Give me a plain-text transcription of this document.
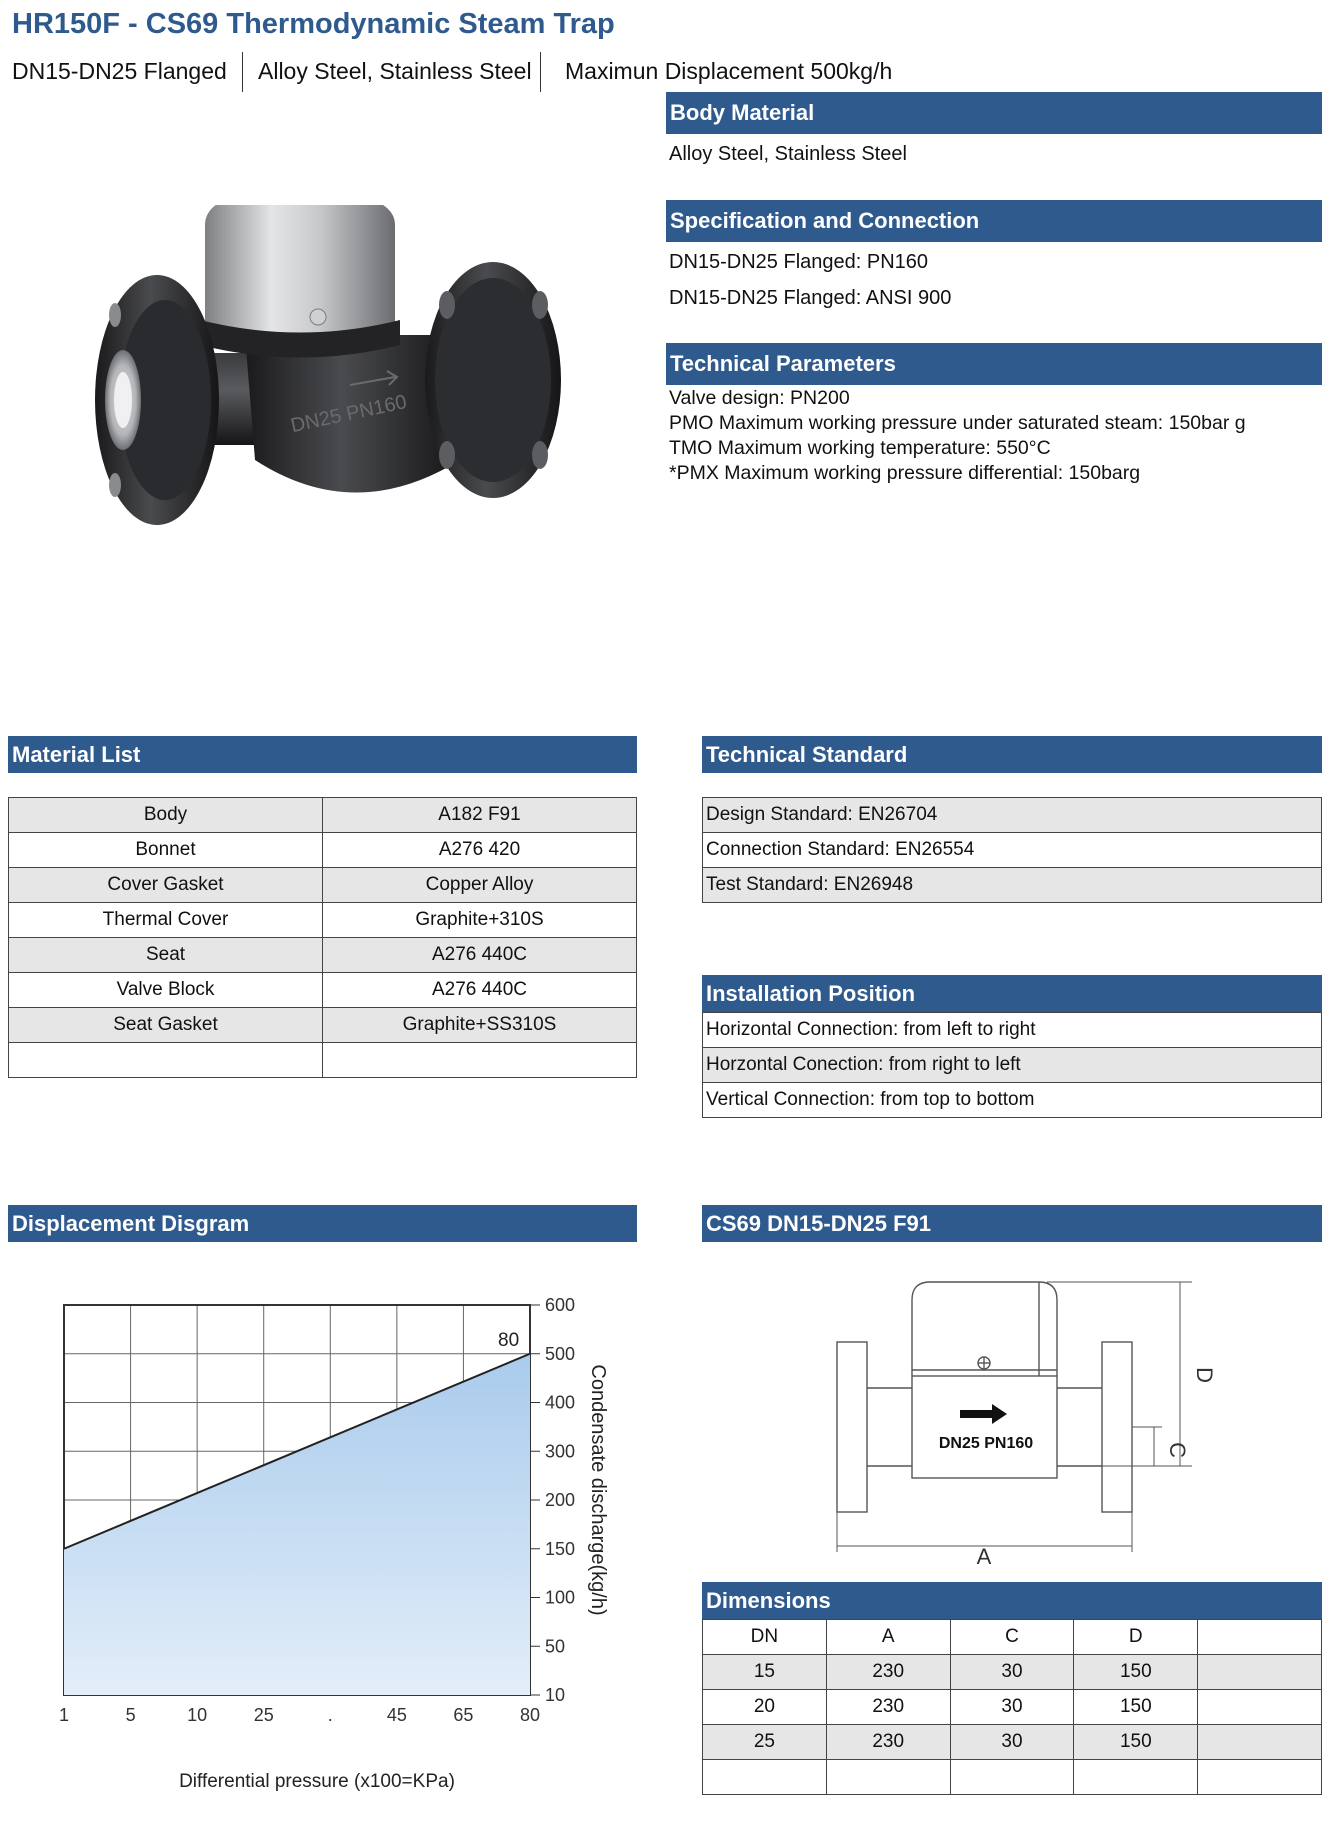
HR150F - CS69 Thermodynamic Steam Trap
DN15-DN25 Flanged Alloy Steel, Stainless Steel Maximun Displacement 500kg/h
DN25 PN160
Body Material
Alloy Steel, Stainless Steel
Specification and Connection
DN15-DN25 Flanged: PN160
DN15-DN25 Flanged: ANSI 900
Technical Parameters
Valve design: PN200
PMO Maximum working pressure under saturated steam: 150bar g
TMO Maximum working temperature: 550°C
*PMX Maximum working pressure differential: 150barg
Material List
Body	A182 F91
Bonnet	A276 420
Cover Gasket	Copper Alloy
Thermal Cover	Graphite+310S
Seat	A276 440C
Valve Block	A276 440C
Seat Gasket	Graphite+SS310S

Technical Standard
Design Standard: EN26704
Connection Standard: EN26554
Test Standard: EN26948
Installation Position
Horizontal Connection: from left to right
Horzontal Conection: from right to left
Vertical Connection: from top to bottom
Displacement Disgram
1	5	10	25	.	45	65	80
10
50
100
150
200
300
400
500
600
80
Condensate discharge(kg/h)
Differential pressure (x100=KPa)
CS69 DN15-DN25 F91
DN25 PN160
A
C
D
Dimensions
DN	A	C	D	
15	230	30	150	
20	230	30	150	
25	230	30	150	
